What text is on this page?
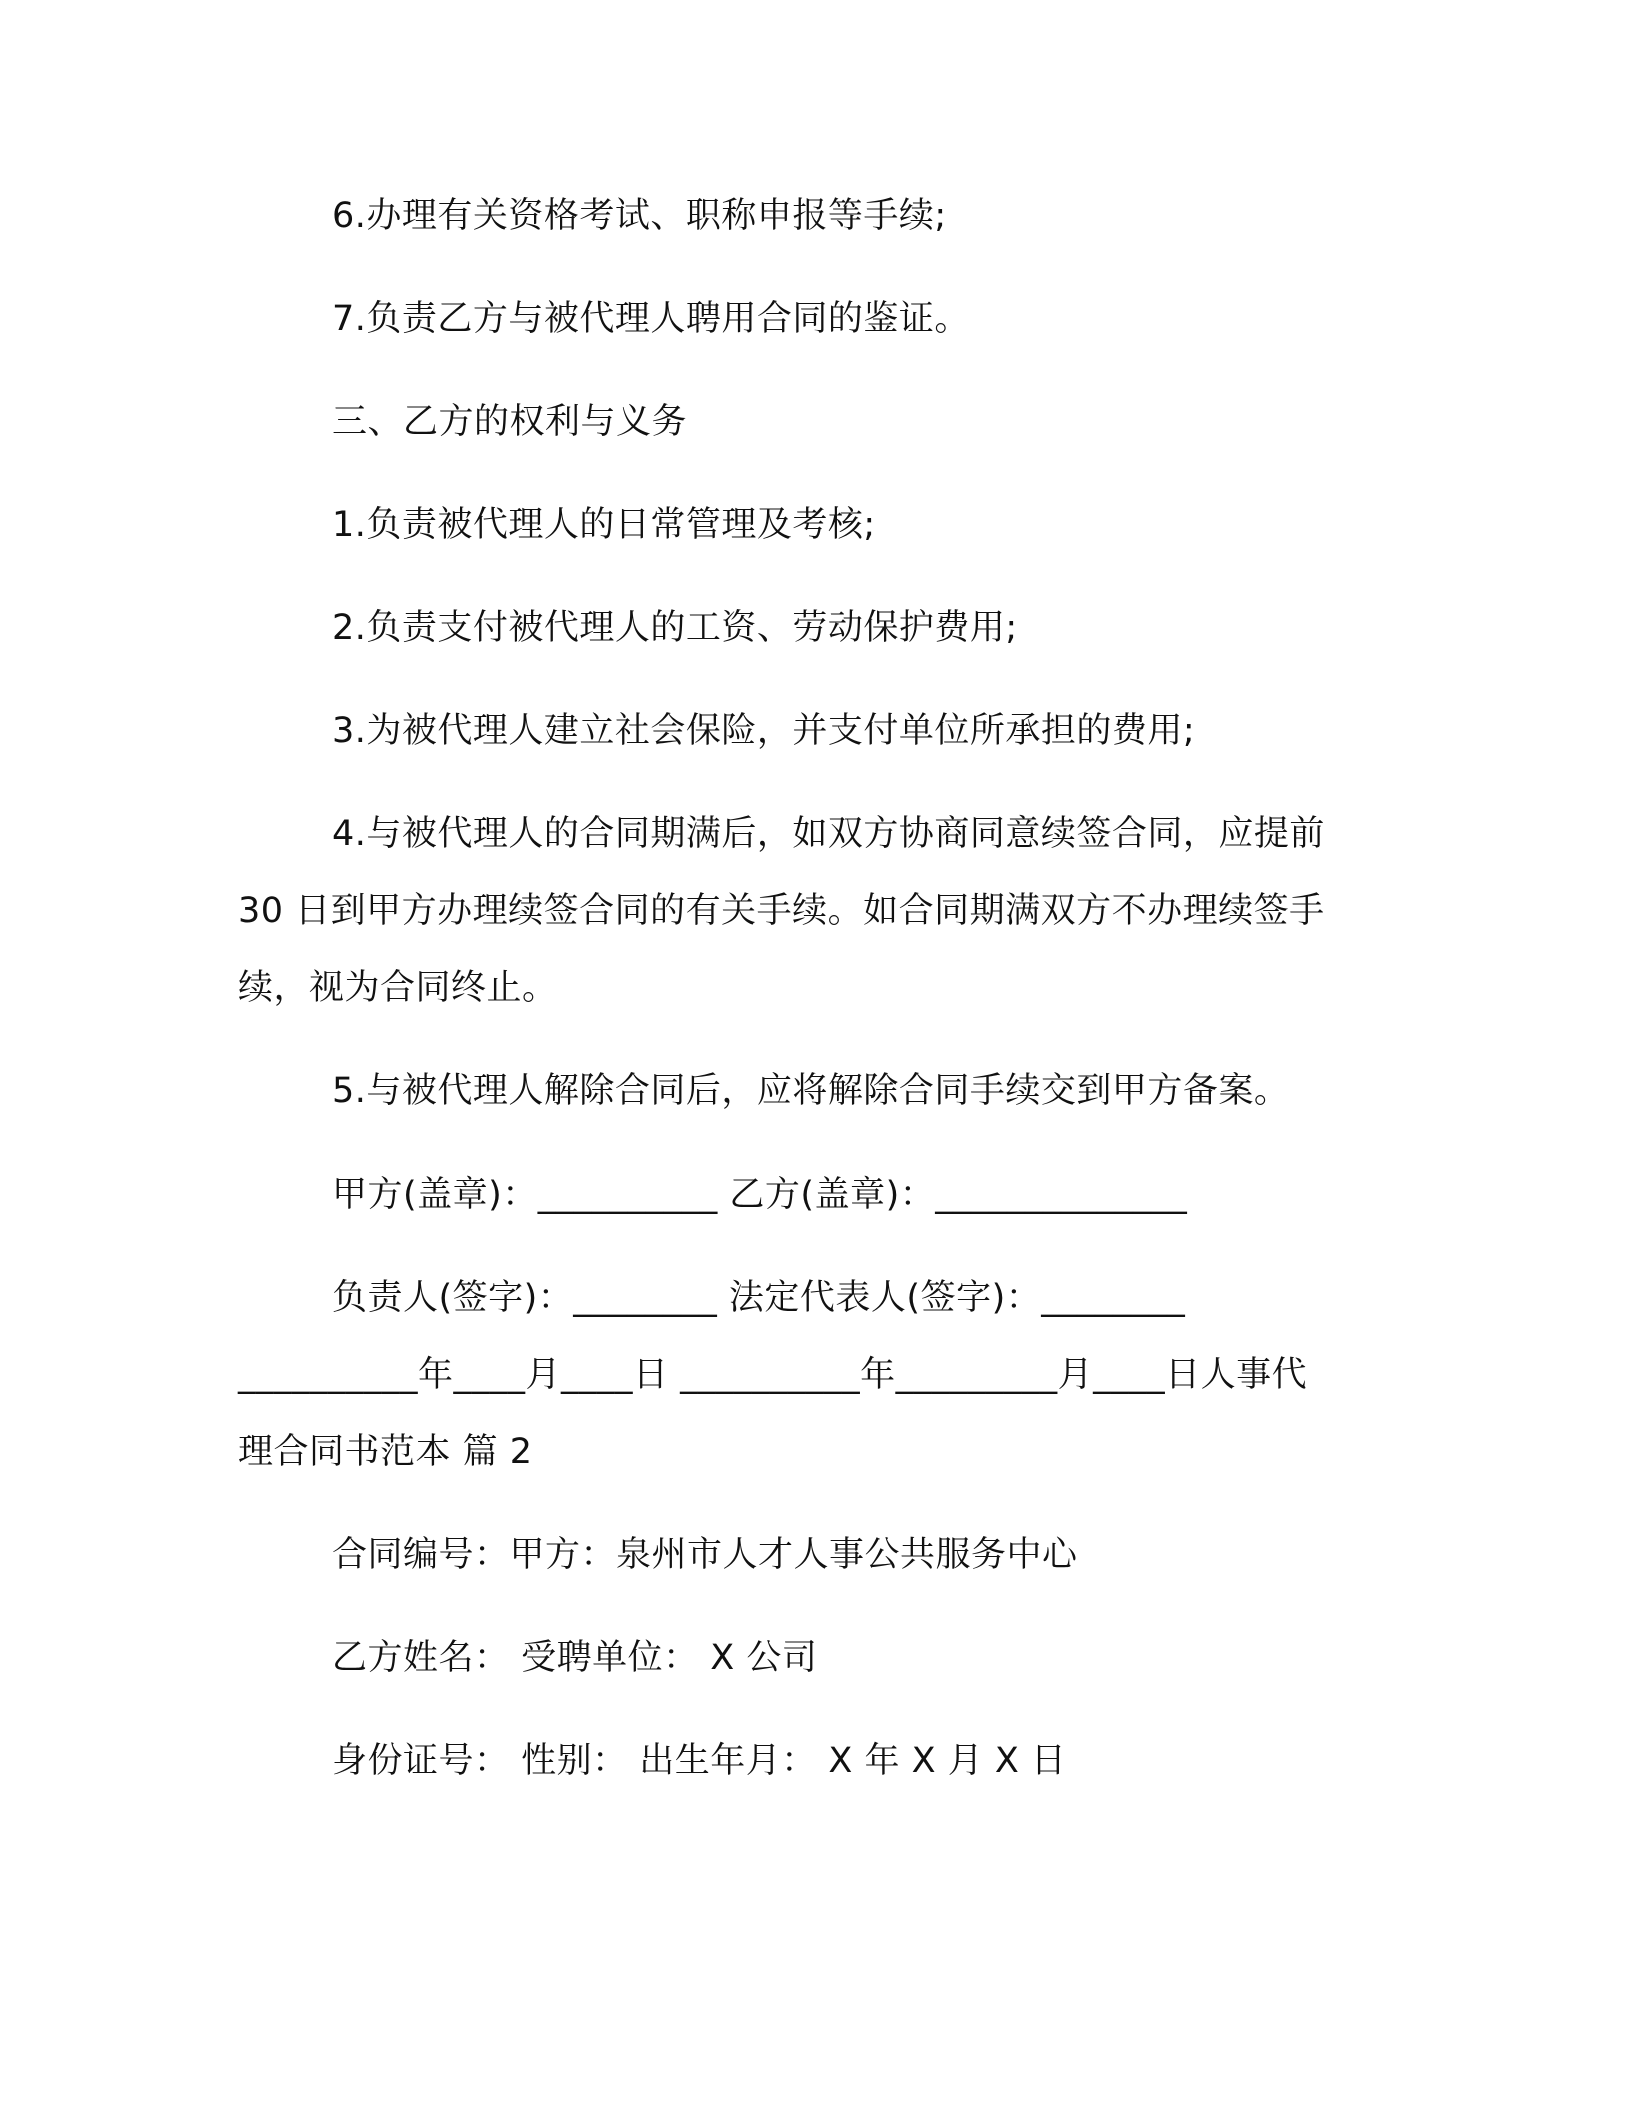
6.办理有关资格考试、职称申报等手续;
7.负责乙方与被代理人聘用合同的鉴证。
三、乙方的权利与义务
1.负责被代理人的日常管理及考核;
2.负责支付被代理人的工资、劳动保护费用;
3.为被代理人建立社会保险，并支付单位所承担的费用;
4.与被代理人的合同期满后，如双方协商同意续签合同，应提前
30 日到甲方办理续签合同的有关手续。如合同期满双方不办理续签手
续，视为合同终止。
5.与被代理人解除合同后，应将解除合同手续交到甲方备案。
甲方(盖章)：__________ 乙方(盖章)：______________
负责人(签字)：________ 法定代表人(签字)：________
__________年____月____日 __________年_________月____日人事代
理合同书范本 篇 2
合同编号：甲方：泉州市人才人事公共服务中心
乙方姓名： 受聘单位： X 公司
身份证号： 性别： 出生年月： X 年 X 月 X 日
